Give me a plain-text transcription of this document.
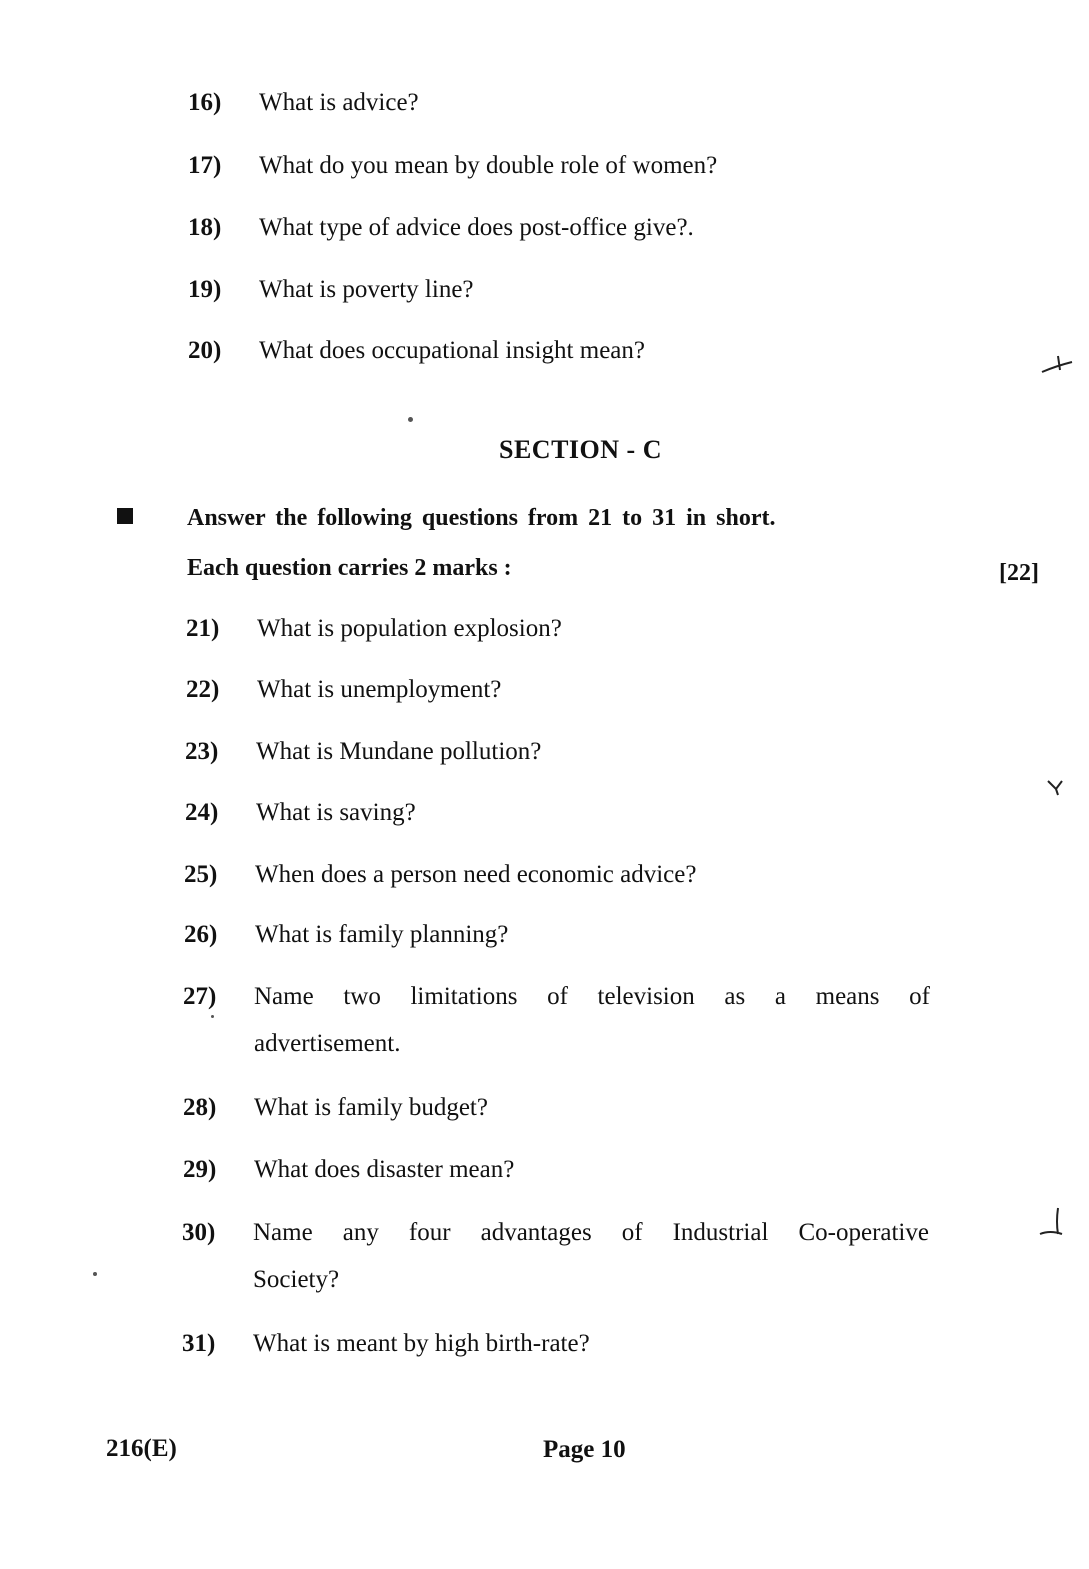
16)	What is advice?
17)	What do you mean by double role of women?
18)	What type of advice does post-office give?.
19)	What is poverty line?
20)	What does occupational insight mean?
SECTION - C
Answer the following questions from 21 to 31 in short.
Each question carries 2 marks :	[22]
21)	What is population explosion?
22)	What is unemployment?
23)	What is Mundane pollution?
24)	What is saving?
25)	When does a person need economic advice?
26)	What is family planning?
27)	Name two limitations of television as a means of
advertisement.
28)	What is family budget?
29)	What does disaster mean?
30)	Name any four advantages of Industrial Co-operative
Society?
31)	What is meant by high birth-rate?
216(E)	Page 10
